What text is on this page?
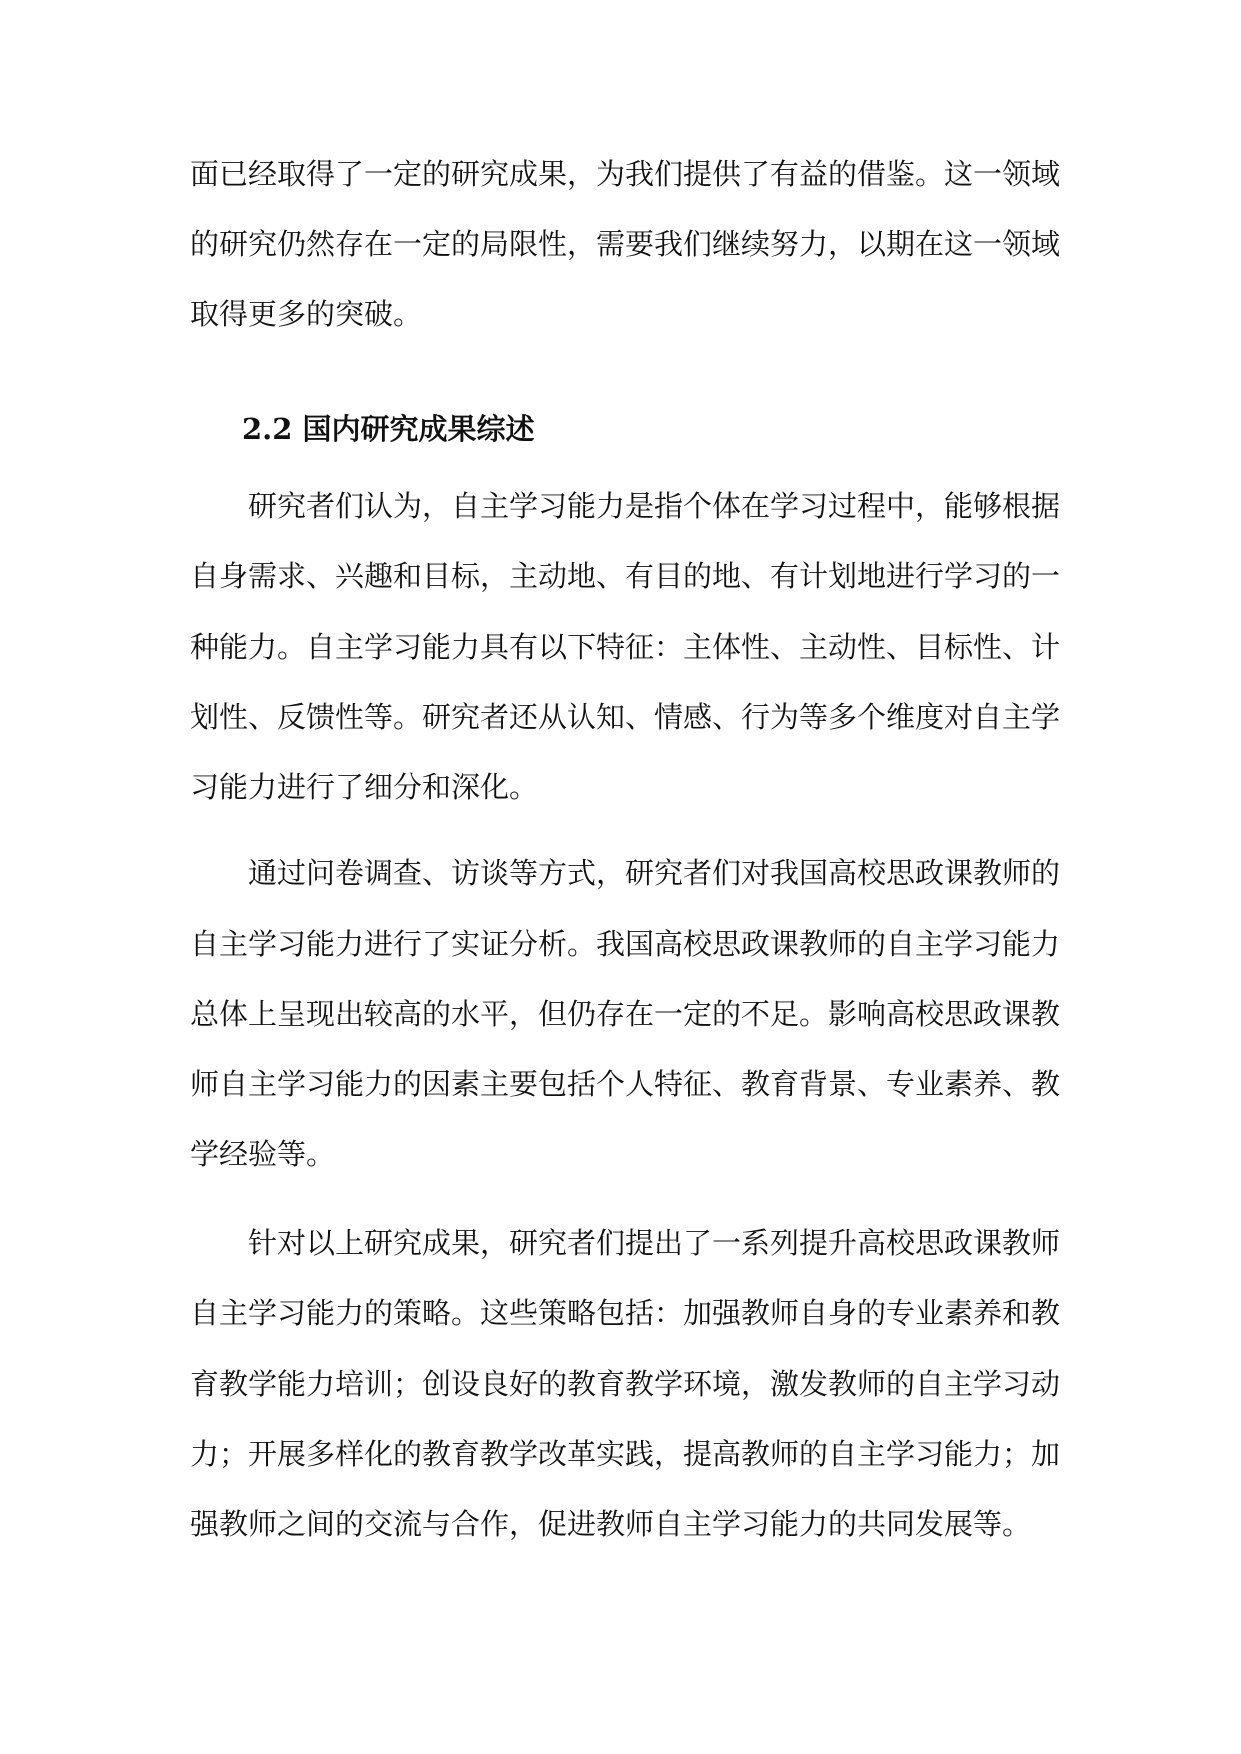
面已经取得了一定的研究成果，为我们提供了有益的借鉴。这一领域
的研究仍然存在一定的局限性，需要我们继续努力，以期在这一领域
取得更多的突破。
2.2 国内研究成果综述
研究者们认为，自主学习能力是指个体在学习过程中，能够根据
自身需求、兴趣和目标，主动地、有目的地、有计划地进行学习的一
种能力。自主学习能力具有以下特征：主体性、主动性、目标性、计
划性、反馈性等。研究者还从认知、情感、行为等多个维度对自主学
习能力进行了细分和深化。
通过问卷调查、访谈等方式，研究者们对我国高校思政课教师的
自主学习能力进行了实证分析。我国高校思政课教师的自主学习能力
总体上呈现出较高的水平，但仍存在一定的不足。影响高校思政课教
师自主学习能力的因素主要包括个人特征、教育背景、专业素养、教
学经验等。
针对以上研究成果，研究者们提出了一系列提升高校思政课教师
自主学习能力的策略。这些策略包括：加强教师自身的专业素养和教
育教学能力培训；创设良好的教育教学环境，激发教师的自主学习动
力；开展多样化的教育教学改革实践，提高教师的自主学习能力；加
强教师之间的交流与合作，促进教师自主学习能力的共同发展等。
